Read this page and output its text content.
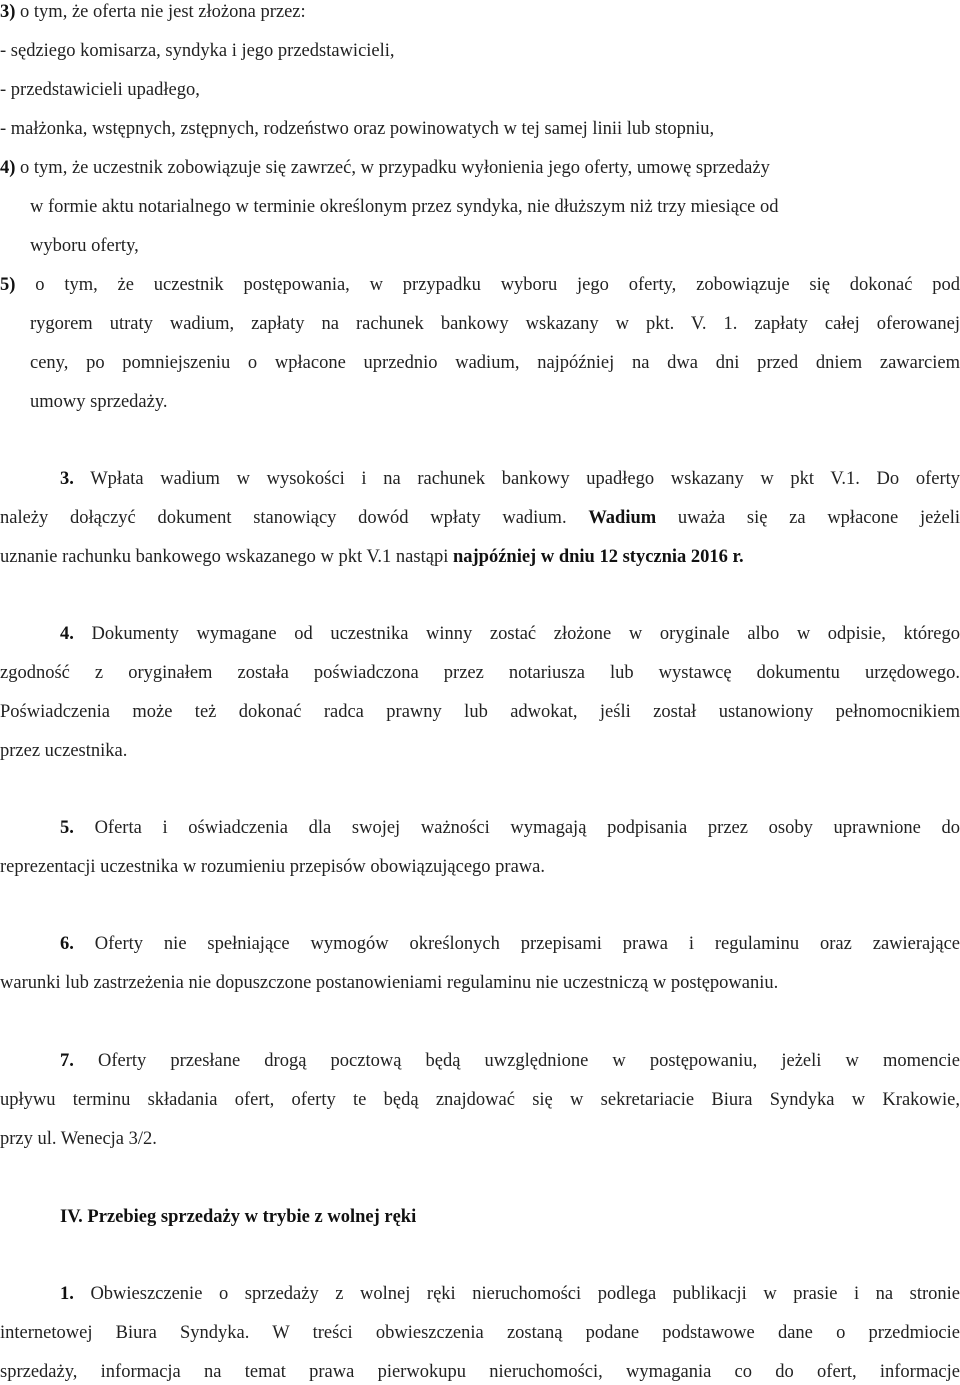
3) o tym, że oferta nie jest złożona przez:
- sędziego komisarza, syndyka i jego przedstawicieli,
- przedstawicieli upadłego,
- małżonka, wstępnych, zstępnych, rodzeństwo oraz powinowatych w tej samej linii lub stopniu,
4) o tym, że uczestnik zobowiązuje się zawrzeć, w przypadku wyłonienia jego oferty, umowę sprzedaży
w formie aktu notarialnego w terminie określonym przez syndyka, nie dłuższym niż trzy miesiące od
wyboru oferty,
5) o tym, że uczestnik postępowania, w przypadku wyboru jego oferty, zobowiązuje się dokonać pod
rygorem utraty wadium, zapłaty na rachunek bankowy wskazany w pkt. V. 1. zapłaty całej oferowanej
ceny, po pomniejszeniu o wpłacone uprzednio wadium, najpóźniej na dwa dni przed dniem zawarciem
umowy sprzedaży.
3. Wpłata wadium w wysokości i na rachunek bankowy upadłego wskazany w pkt V.1. Do oferty
należy dołączyć dokument stanowiący dowód wpłaty wadium. Wadium uważa się za wpłacone jeżeli
uznanie rachunku bankowego wskazanego w pkt V.1 nastąpi najpóźniej w dniu 12 stycznia 2016 r.
4. Dokumenty wymagane od uczestnika winny zostać złożone w oryginale albo w odpisie, którego
zgodność z oryginałem została poświadczona przez notariusza lub wystawcę dokumentu urzędowego.
Poświadczenia może też dokonać radca prawny lub adwokat, jeśli został ustanowiony pełnomocnikiem
przez uczestnika.
5. Oferta i oświadczenia dla swojej ważności wymagają podpisania przez osoby uprawnione do
reprezentacji uczestnika w rozumieniu przepisów obowiązującego prawa.
6. Oferty nie spełniające wymogów określonych przepisami prawa i regulaminu oraz zawierające
warunki lub zastrzeżenia nie dopuszczone postanowieniami regulaminu nie uczestniczą w postępowaniu.
7. Oferty przesłane drogą pocztową będą uwzględnione w postępowaniu, jeżeli w momencie
upływu terminu składania ofert, oferty te będą znajdować się w sekretariacie Biura Syndyka w Krakowie,
przy ul. Wenecja 3/2.
IV. Przebieg sprzedaży w trybie z wolnej ręki
1. Obwieszczenie o sprzedaży z wolnej ręki nieruchomości podlega publikacji w prasie i na stronie
internetowej Biura Syndyka. W treści obwieszczenia zostaną podane podstawowe dane o przedmiocie
sprzedaży, informacja na temat prawa pierwokupu nieruchomości, wymagania co do ofert, informacje
